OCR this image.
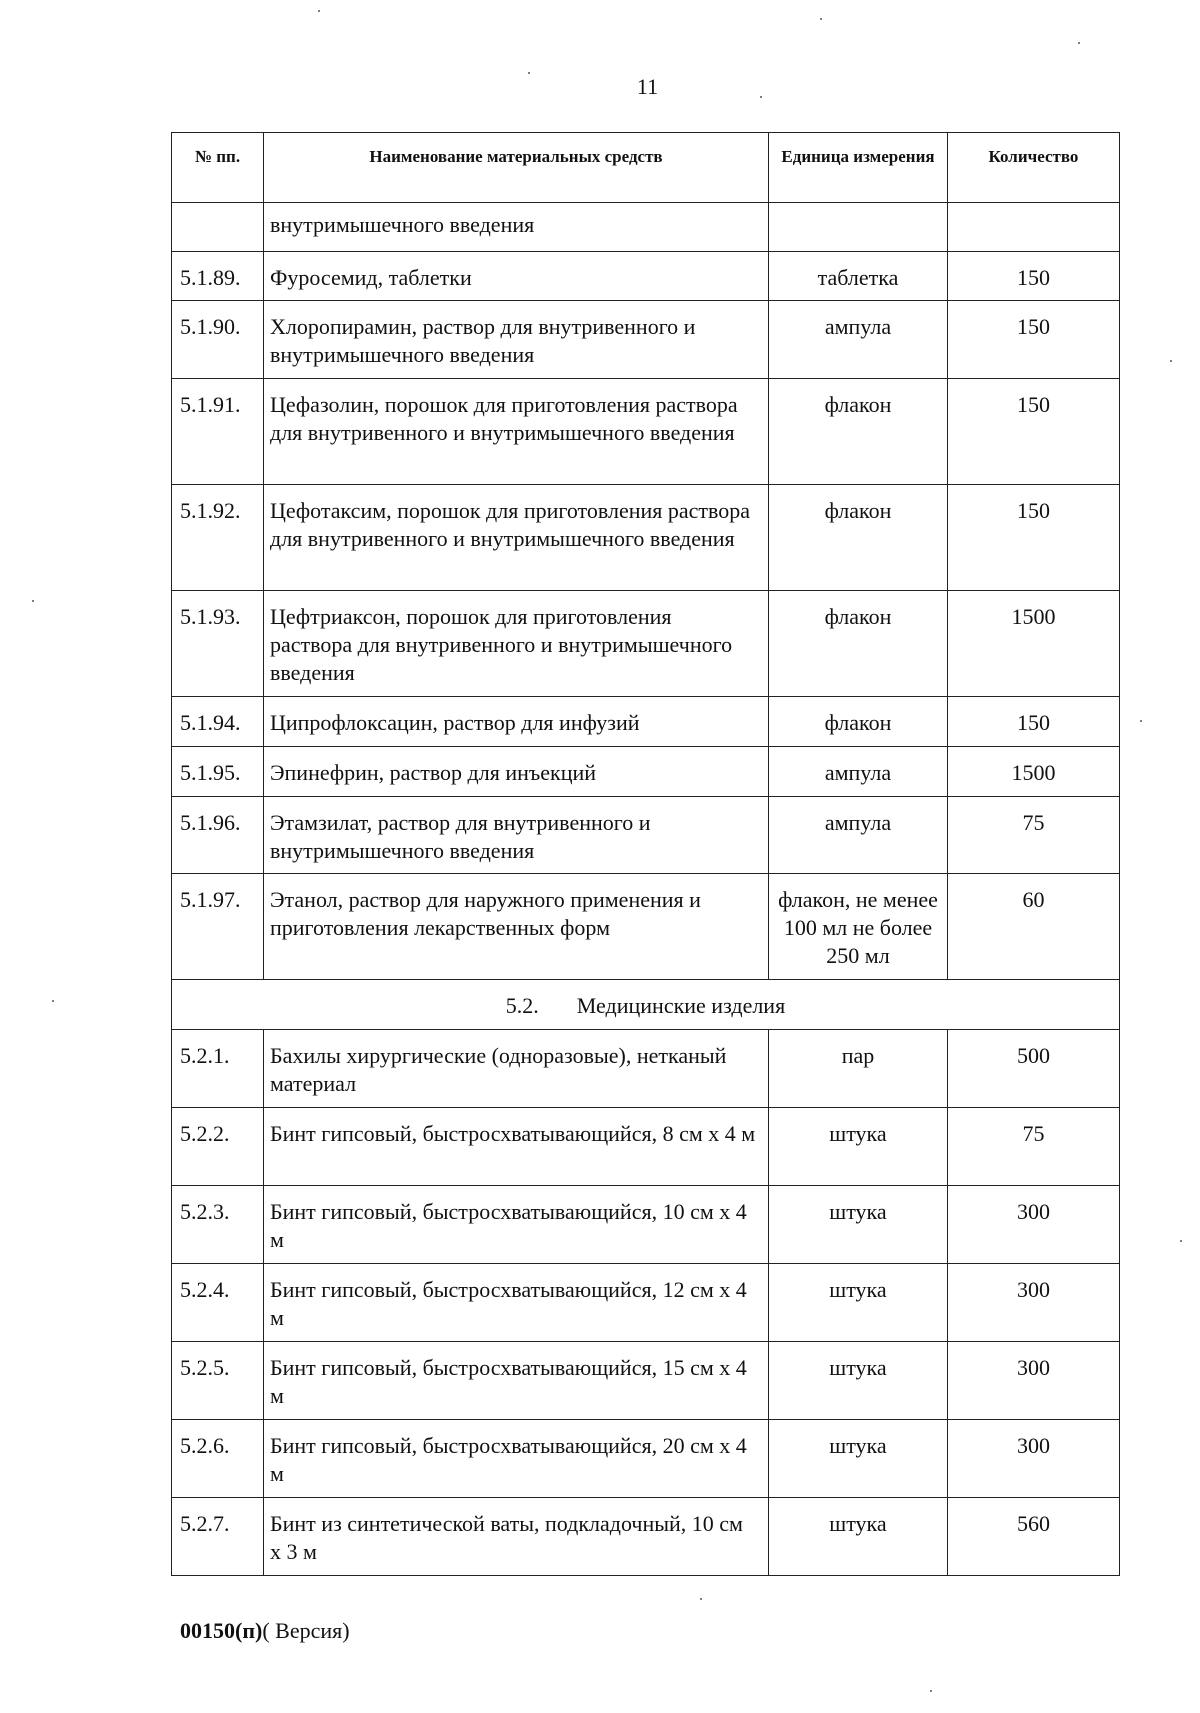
11
№ пп.	Наименование материальных средств	Единица измерения	Количество
	внутримышечного введения		
5.1.89.	Фуросемид, таблетки	таблетка	150
5.1.90.	Хлоропирамин, раствор для внутривенного и внутримышечного введения	ампула	150
5.1.91.	Цефазолин, порошок для приготовления раствора для внутривенного и внутримышечного введения	флакон	150
5.1.92.	Цефотаксим, порошок для приготовления раствора для внутривенного и внутримышечного введения	флакон	150
5.1.93.	Цефтриаксон, порошок для приготовления раствора для внутривенного и внутримышечного введения	флакон	1500
5.1.94.	Ципрофлоксацин, раствор для инфузий	флакон	150
5.1.95.	Эпинефрин, раствор для инъекций	ампула	1500
5.1.96.	Этамзилат, раствор для внутривенного и внутримышечного введения	ампула	75
5.1.97.	Этанол, раствор для наружного применения и приготовления лекарственных форм	флакон, не менее 100 мл не более 250 мл	60
5.2. Медицинские изделия			
5.2.1.	Бахилы хирургические (одноразовые), нетканый материал	пар	500
5.2.2.	Бинт гипсовый, быстросхватывающийся, 8 см x 4 м	штука	75
5.2.3.	Бинт гипсовый, быстросхватывающийся, 10 см x 4 м	штука	300
5.2.4.	Бинт гипсовый, быстросхватывающийся, 12 см x 4 м	штука	300
5.2.5.	Бинт гипсовый, быстросхватывающийся, 15 см x 4 м	штука	300
5.2.6.	Бинт гипсовый, быстросхватывающийся, 20 см x 4 м	штука	300
5.2.7.	Бинт из синтетической ваты, подкладочный, 10 см x 3 м	штука	560
00150(п)( Версия)
